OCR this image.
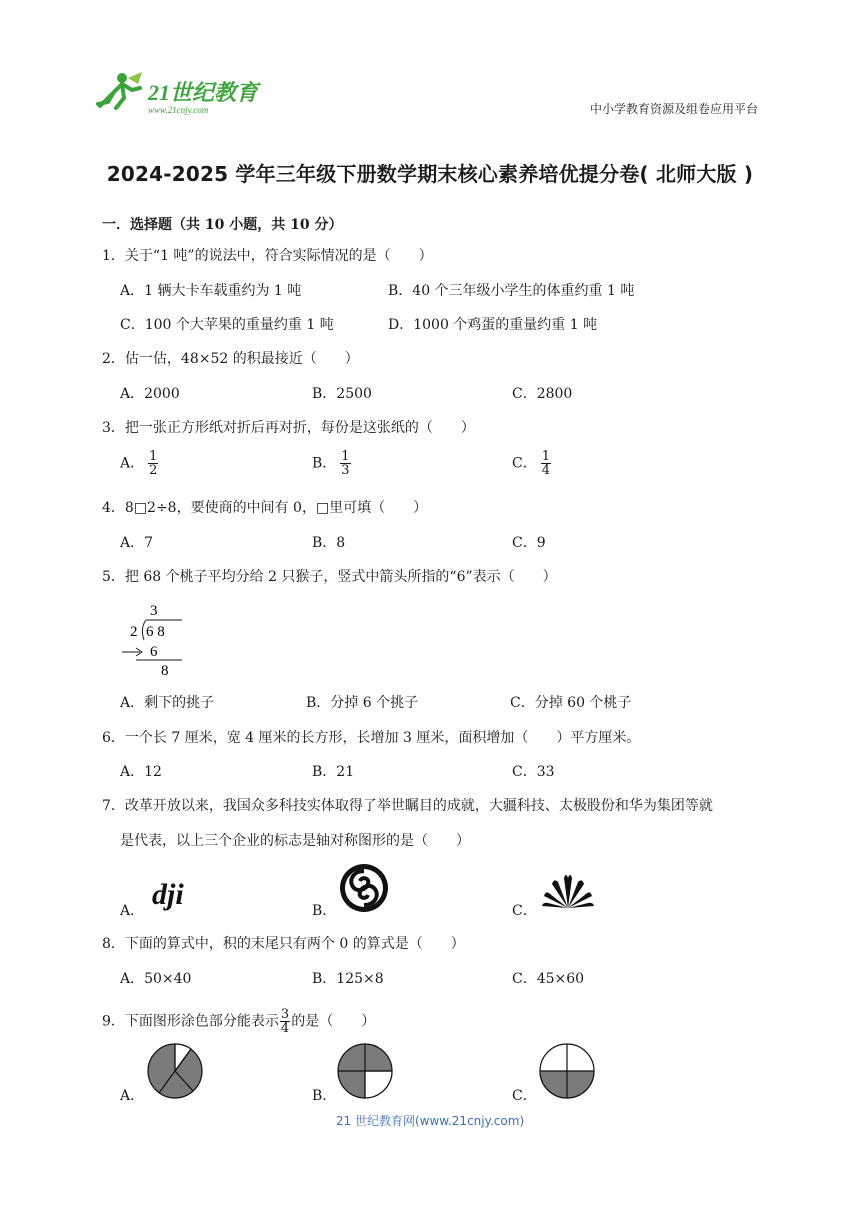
21世纪教育
www.21cnjy.com	中小学教育资源及组卷应用平台
2024-2025 学年三年级下册数学期末核心素养培优提分卷( 北师大版 )
一．选择题（共 10 小题，共 10 分）
1．关于“1 吨”的说法中，符合实际情况的是（　　）
A．1 辆大卡车载重约为 1 吨	B．40 个三年级小学生的体重约重 1 吨
C．100 个大苹果的重量约重 1 吨	D．1000 个鸡蛋的重量约重 1 吨
2．估一估，48×52 的积最接近（　　）
A．2000	B．2500	C．2800
3．把一张正方形纸对折后再对折，每份是这张纸的（　　）
A． $\frac{1}{2}$	B． $\frac{1}{3}$	C． $\frac{1}{4}$
4．8□2÷8，要使商的中间有 0，□里可填（　　）
A．7	B．8	C．9
5．把 68 个桃子平均分给 2 只猴子，竖式中箭头所指的“6”表示（　　）
3
2 6 8
6
8
A．剩下的挑子	B．分掉 6 个挑子	C．分掉 60 个桃子
6．一个长 7 厘米，宽 4 厘米的长方形，长增加 3 厘米，面积增加（　　）平方厘米。
A．12	B．21	C．33
7．改革开放以来，我国众多科技实体取得了举世瞩目的成就，大疆科技、太极股份和华为集团等就
是代表，以上三个企业的标志是轴对称图形的是（　　）
A． dji	B．	C．
8．下面的算式中，积的末尾只有两个 0 的算式是（　　）
A．50×40	B．125×8	C．45×60
9．下面图形涂色部分能表示 $\frac{3}{4}$ 的是（　　）
A．	B．	C．
21 世纪教育网(www.21cnjy.com)
